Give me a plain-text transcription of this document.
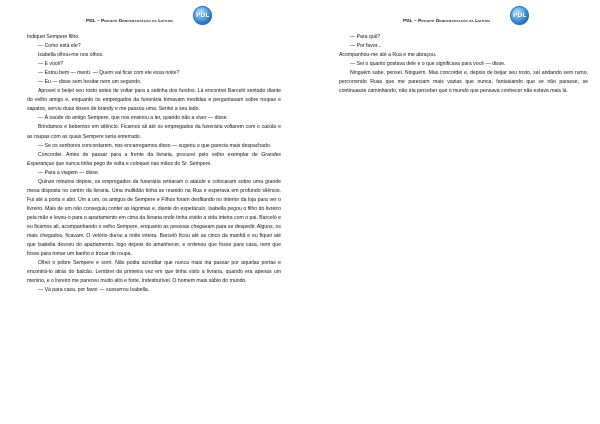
PDL – Projeto Democratização da Leitura
PDL

Indiquei Sempere filho.

— Como está ele?

Isabella olhou-me nos olhos.

— E você?

— Estou bem — menti. — Quem vai ficar com ele essa noite?

— Eu — disse sem hesitar nem um segundo.

Aproveí e beijei seu rosto antes de voltar para a salinha dos fundos. Lá encontrei Barceló sentado diante do velho amigo e, enquanto os empregados da funerária tomavam medidas e perguntavam sobre roupas e sapatos, serviu duas doses de brandy e me passou uma. Sentei a seu lado.

— À saúde do amigo Sempere, que nos ensinou a ler, quando não a viver — disse.

Brindamos e bebemos em silêncio. Ficamos ali até os empregados da funerária voltarem com o caixão e as roupas com as quais Sempere seria enterrado.

— Se os senhores concordarem, nos encarregamos disso — sugeriu o que parecia mais despachado.

Concordei. Antes de passar para a frente da livraria, procurei pelo velho exemplar de Grandes Esperanças que nunca tinha pego de volta e coloquei nas mãos do Sr. Sempere.

— Para a viagem — disse.

Quinze minutos depois, os empregados da funerária retiraram o ataúde e colocaram sobre uma grande mesa disposta no centro da livraria. Uma multidão tinha se reunido na Rua e esperava em profundo silêncio. Fui até a porta e abri. Um a um, os amigos de Sempere e Filhos foram desfilando no interior da loja para ver o livreiro. Mais de um não conseguiu conter as lágrimas e, diante do espetáculo, Isabella pegou o filho do livreiro pela mão e levou-o para o apartamento em cima da livraria onde tinha vivido a vida inteira com o pai. Barceló e eu ficamos ali, acompanhando o velho Sempere, enquanto as pessoas chegavam para se despedir. Alguns, os mais chegados, ficavam. O velório durou a noite inteira. Barceló ficou até as cinco da manhã e eu fiquei até que Isabella desceu do apartamento, logo depois do amanhecer, e ordenou que fosse para casa, nem que fosse para tomar um banho e trocar de roupa.

Olhei o pobre Sempere e sorri. Não podia acreditar que nunca mais iria passar por aquelas portas e encontrá-lo atrás do balcão. Lembrei da primeira vez em que tinha visto a livraria, quando era apenas um menino, e o livreiro me pareceu muito alto e forte. Indestrutível. O homem mais sábio do mundo.

— Vá para casa, por favor — sussurrou Isabella.

PDL – Projeto Democratização da Leitura
PDL

— Para quê?

— Por favor...

Acompanhou-me até a Rua e me abraçou.

— Sei o quanto gostava dele e o que significava para você — disse.

Ninguém sabe, pensei. Ninguém. Mas concordei e, depois de beijar seu rosto, saí andando sem rumo, percorrendo Ruas que me pareciam mais vazias que nunca, fantasiando que se não parasse, se continuasse caminhando, não iria perceber que o mundo que pensava conhecer não estava mais lá.
